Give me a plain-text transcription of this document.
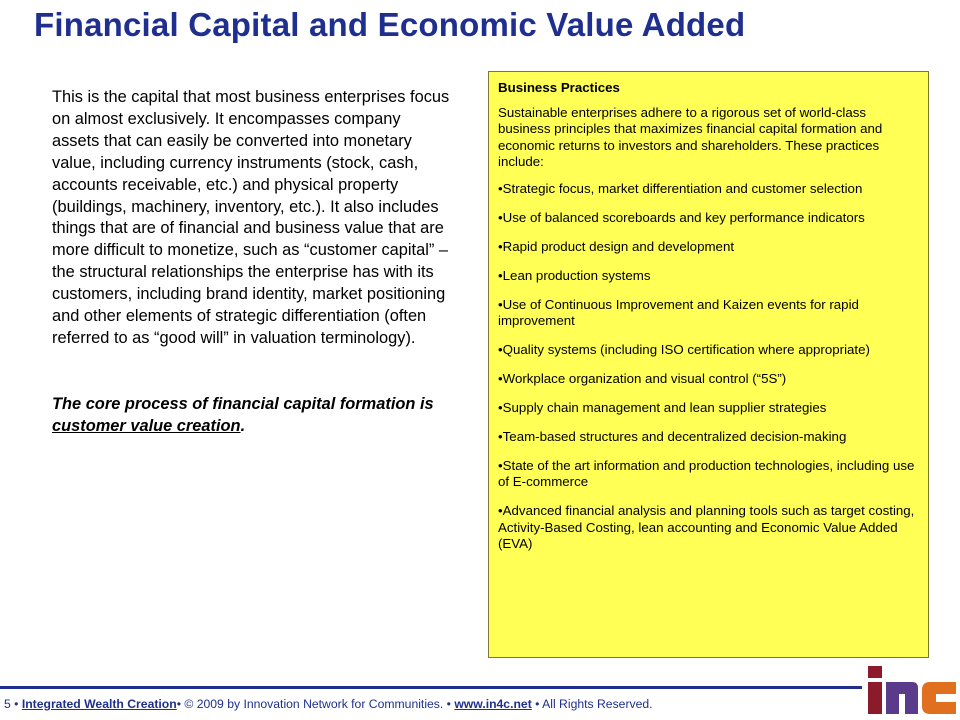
Financial Capital and Economic Value Added

This is the capital that most business enterprises focus on almost exclusively. It encompasses company assets that can easily be converted into monetary value, including currency instruments (stock, cash, accounts receivable, etc.) and physical property (buildings, machinery, inventory, etc.). It also includes things that are of financial and business value that are more difficult to monetize, such as “customer capital” – the structural relationships the enterprise has with its customers, including brand identity, market positioning and other elements of strategic differentiation (often referred to as “good will” in valuation terminology).

The core process of financial capital formation is customer value creation.

Business Practices

Sustainable enterprises adhere to a rigorous set of world-class business principles that maximizes financial capital formation and economic returns to investors and shareholders. These practices include:

•Strategic focus, market differentiation and customer selection
•Use of balanced scoreboards and key performance indicators
•Rapid product design and development
•Lean production systems
•Use of Continuous Improvement and Kaizen events for rapid improvement
•Quality systems (including ISO certification where appropriate)
•Workplace organization and visual control (“5S”)
•Supply chain management and lean supplier strategies
•Team-based structures and decentralized decision-making
•State of the art information and production technologies, including use of E-commerce
•Advanced financial analysis and planning tools such as target costing, Activity-Based Costing, lean accounting and Economic Value Added (EVA)
5 • Integrated Wealth Creation• © 2009 by Innovation Network for Communities. • www.in4c.net • All Rights Reserved.
